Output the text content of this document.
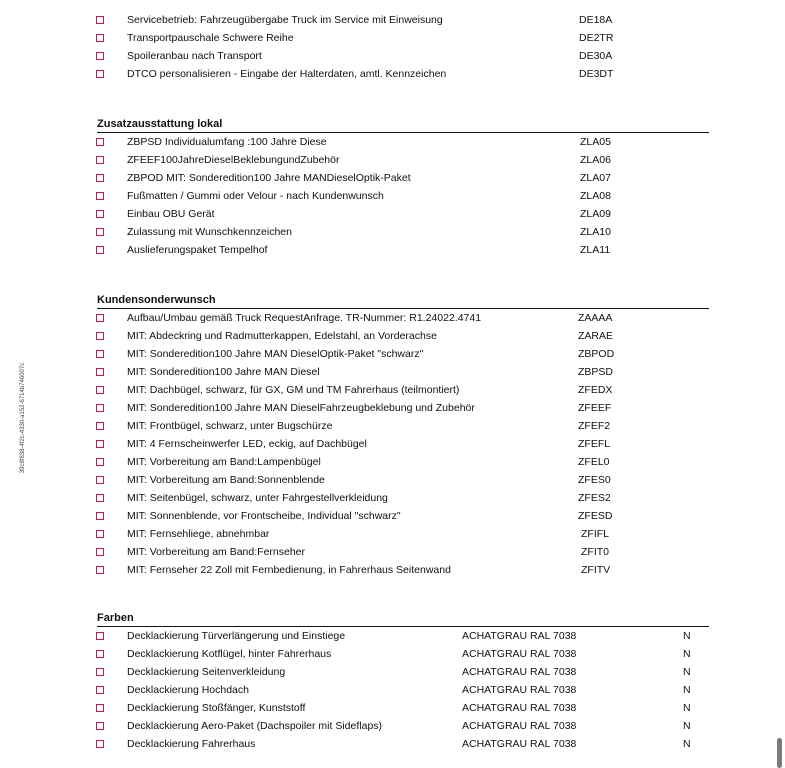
39c8f838-4f2c-4330-a152-6714b746007c
Servicebetrieb: Fahrzeugübergabe Truck im Service mit Einweisung	DE18A
Transportpauschale Schwere Reihe	DE2TR
Spoileranbau nach Transport	DE30A
DTCO personalisieren - Eingabe der Halterdaten, amtl. Kennzeichen	DE3DT
Zusatzausstattung lokal
ZBPSD Individualumfang :100 Jahre Diese	ZLA05
ZFEEF100JahreDieselBeklebungundZubehör	ZLA06
ZBPOD MIT: Sonderedition100 Jahre MANDieselOptik-Paket	ZLA07
Fußmatten / Gummi oder Velour - nach Kundenwunsch	ZLA08
Einbau OBU Gerät	ZLA09
Zulassung mit Wunschkennzeichen	ZLA10
Auslieferungspaket Tempelhof	ZLA11
Kundensonderwunsch
Aufbau/Umbau gemäß Truck RequestAnfrage. TR-Nummer: R1.24022.4741	ZAAAA
MIT: Abdeckring und Radmutterkappen, Edelstahl, an Vorderachse	ZARAE
MIT: Sonderedition100 Jahre MAN DieselOptik-Paket "schwarz"	ZBPOD
MIT: Sonderedition100 Jahre MAN Diesel	ZBPSD
MIT: Dachbügel, schwarz, für GX, GM und TM Fahrerhaus (teilmontiert)	ZFEDX
MIT: Sonderedition100 Jahre MAN DieselFahrzeugbeklebung und Zubehör	ZFEEF
MIT: Frontbügel, schwarz, unter Bugschürze	ZFEF2
MIT: 4 Fernscheinwerfer LED, eckig, auf Dachbügel	ZFEFL
MIT: Vorbereitung am Band:Lampenbügel	ZFEL0
MIT: Vorbereitung am Band:Sonnenblende	ZFES0
MIT: Seitenbügel, schwarz, unter Fahrgestellverkleidung	ZFES2
MIT: Sonnenblende, vor Frontscheibe, Individual "schwarz"	ZFESD
MIT: Fernsehliege, abnehmbar	ZFIFL
MIT: Vorbereitung am Band:Fernseher	ZFIT0
MIT: Fernseher 22 Zoll mit Fernbedienung, in Fahrerhaus Seitenwand	ZFITV
Farben
Decklackierung Türverlängerung und Einstiege	ACHATGRAU RAL 7038	N
Decklackierung Kotflügel, hinter Fahrerhaus	ACHATGRAU RAL 7038	N
Decklackierung Seitenverkleidung	ACHATGRAU RAL 7038	N
Decklackierung Hochdach	ACHATGRAU RAL 7038	N
Decklackierung Stoßfänger, Kunststoff	ACHATGRAU RAL 7038	N
Decklackierung Aero-Paket (Dachspoiler mit Sideflaps)	ACHATGRAU RAL 7038	N
Decklackierung Fahrerhaus	ACHATGRAU RAL 7038	N
